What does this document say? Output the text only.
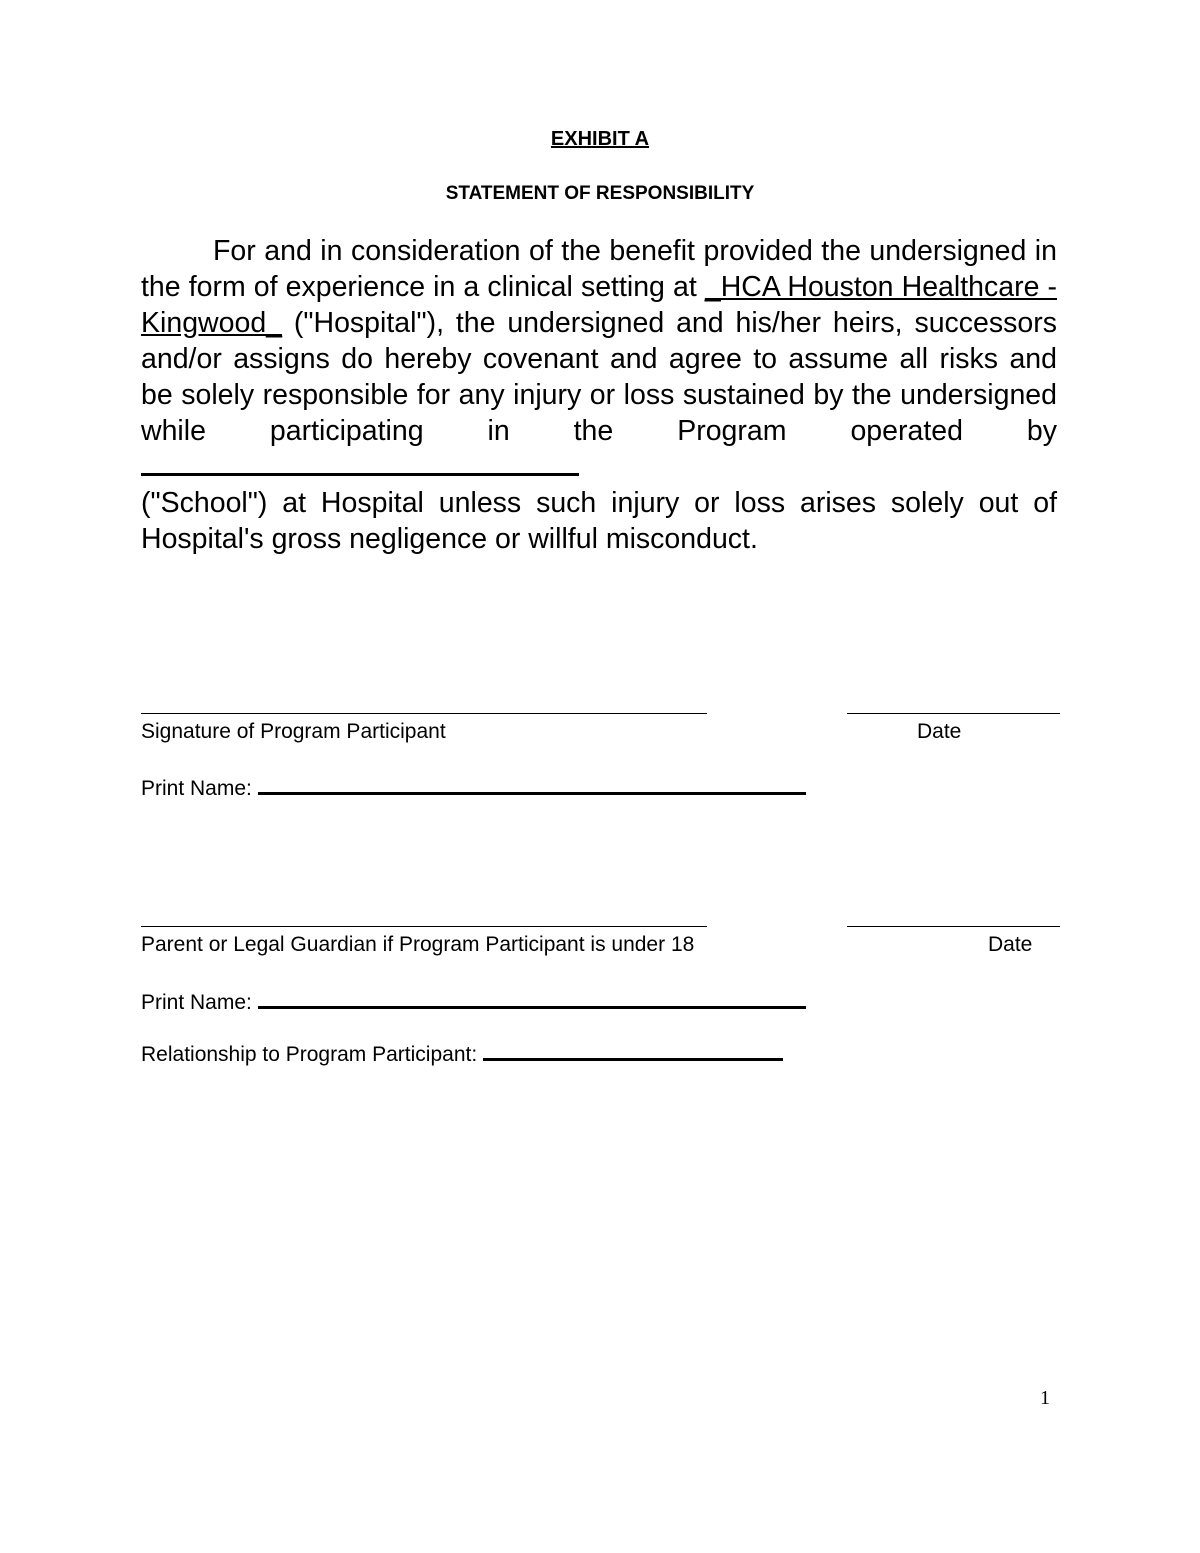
EXHIBIT A
STATEMENT OF RESPONSIBILITY

For and in consideration of the benefit provided the undersigned in the form of experience in a clinical setting at _HCA Houston Healthcare - Kingwood_ ("Hospital"), the undersigned and his/her heirs, successors and/or assigns do hereby covenant and agree to assume all risks and be solely responsible for any injury or loss sustained by the undersigned while participating in the Program operated by

("School") at Hospital unless such injury or loss arises solely out of Hospital's gross negligence or willful misconduct.

Signature of Program Participant	Date
Print Name:
Parent or Legal Guardian if Program Participant is under 18	Date
Print Name:
Relationship to Program Participant:
1
